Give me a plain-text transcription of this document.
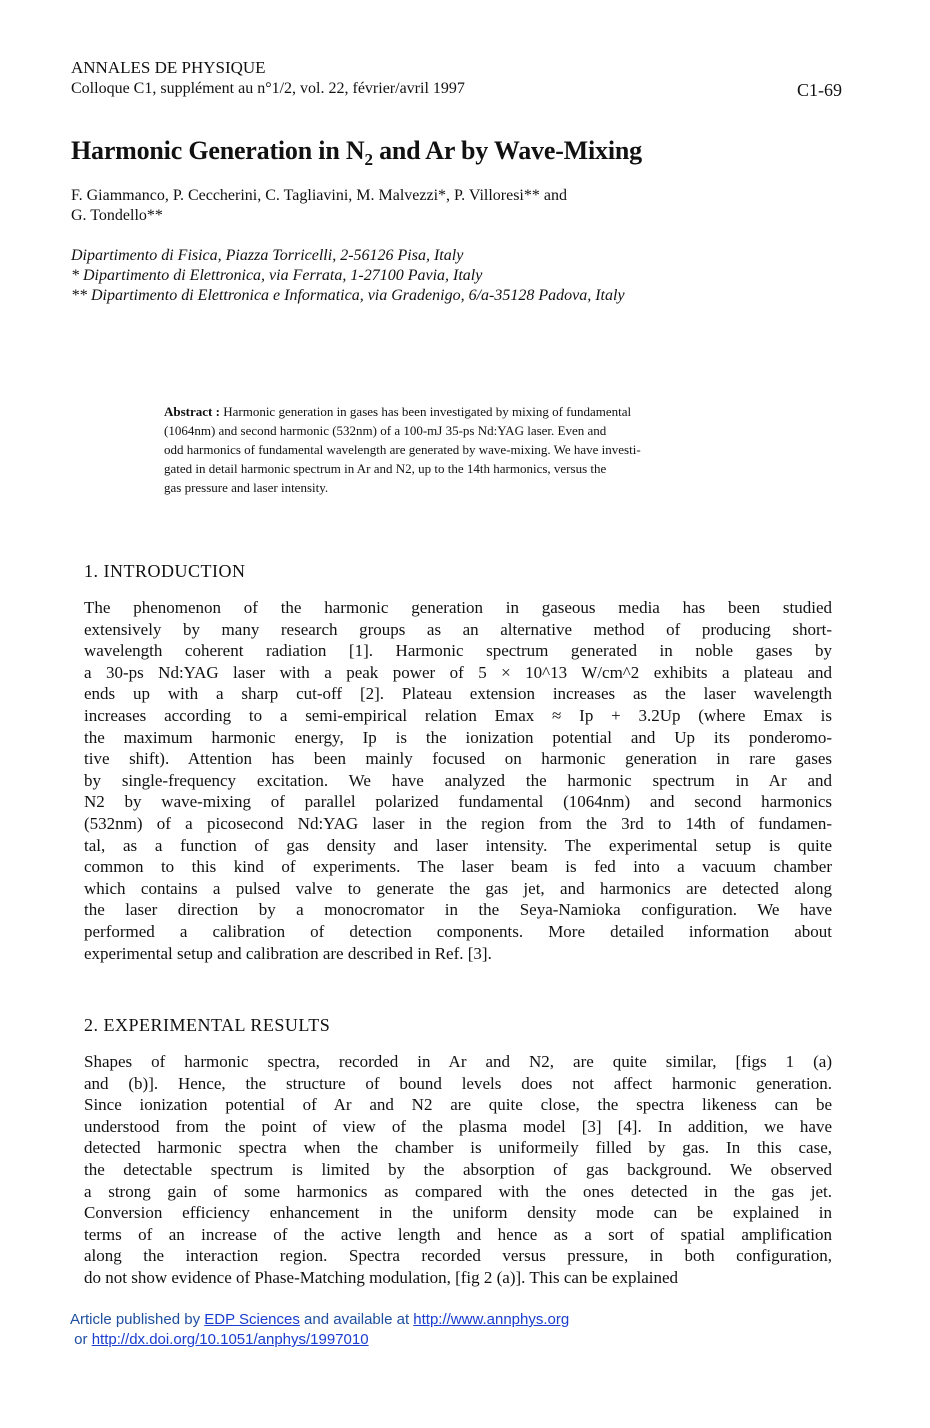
ANNALES DE PHYSIQUE
Colloque C1, supplément au n°1/2, vol. 22, février/avril 1997	C1-69
Harmonic Generation in $N_2$ and Ar by Wave-Mixing
F. Giammanco, P. Ceccherini, C. Tagliavini, M. Malvezzi*, P. Villoresi** and
G. Tondello**
Dipartimento di Fisica, Piazza Torricelli, 2-56126 Pisa, Italy
* Dipartimento di Elettronica, via Ferrata, 1-27100 Pavia, Italy
** Dipartimento di Elettronica e Informatica, via Gradenigo, 6/a-35128 Padova, Italy
Abstract : Harmonic generation in gases has been investigated by mixing of fundamental
(1064nm) and second harmonic (532nm) of a 100-mJ 35-ps Nd:YAG laser. Even and
odd harmonics of fundamental wavelength are generated by wave-mixing. We have investi-
gated in detail harmonic spectrum in Ar and N2, up to the 14th harmonics, versus the
gas pressure and laser intensity.
1. INTRODUCTION
The phenomenon of the harmonic generation in gaseous media has been studied
extensively by many research groups as an alternative method of producing short-
wavelength coherent radiation [1]. Harmonic spectrum generated in noble gases by
a 30-ps Nd:YAG laser with a peak power of 5 × 10^13 W/cm^2 exhibits a plateau and
ends up with a sharp cut-off [2]. Plateau extension increases as the laser wavelength
increases according to a semi-empirical relation Emax ≈ Ip + 3.2Up (where Emax is
the maximum harmonic energy, Ip is the ionization potential and Up its ponderomo-
tive shift). Attention has been mainly focused on harmonic generation in rare gases
by single-frequency excitation. We have analyzed the harmonic spectrum in Ar and
N2 by wave-mixing of parallel polarized fundamental (1064nm) and second harmonics
(532nm) of a picosecond Nd:YAG laser in the region from the 3rd to 14th of fundamen-
tal, as a function of gas density and laser intensity. The experimental setup is quite
common to this kind of experiments. The laser beam is fed into a vacuum chamber
which contains a pulsed valve to generate the gas jet, and harmonics are detected along
the laser direction by a monocromator in the Seya-Namioka configuration. We have
performed a calibration of detection components. More detailed information about
experimental setup and calibration are described in Ref. [3].
2. EXPERIMENTAL RESULTS
Shapes of harmonic spectra, recorded in Ar and N2, are quite similar, [figs 1 (a)
and (b)]. Hence, the structure of bound levels does not affect harmonic generation.
Since ionization potential of Ar and N2 are quite close, the spectra likeness can be
understood from the point of view of the plasma model [3] [4]. In addition, we have
detected harmonic spectra when the chamber is uniformeily filled by gas. In this case,
the detectable spectrum is limited by the absorption of gas background. We observed
a strong gain of some harmonics as compared with the ones detected in the gas jet.
Conversion efficiency enhancement in the uniform density mode can be explained in
terms of an increase of the active length and hence as a sort of spatial amplification
along the interaction region. Spectra recorded versus pressure, in both configuration,
do not show evidence of Phase-Matching modulation, [fig 2 (a)]. This can be explained
Article published by EDP Sciences and available at http://www.annphys.org
or http://dx.doi.org/10.1051/anphys/1997010
